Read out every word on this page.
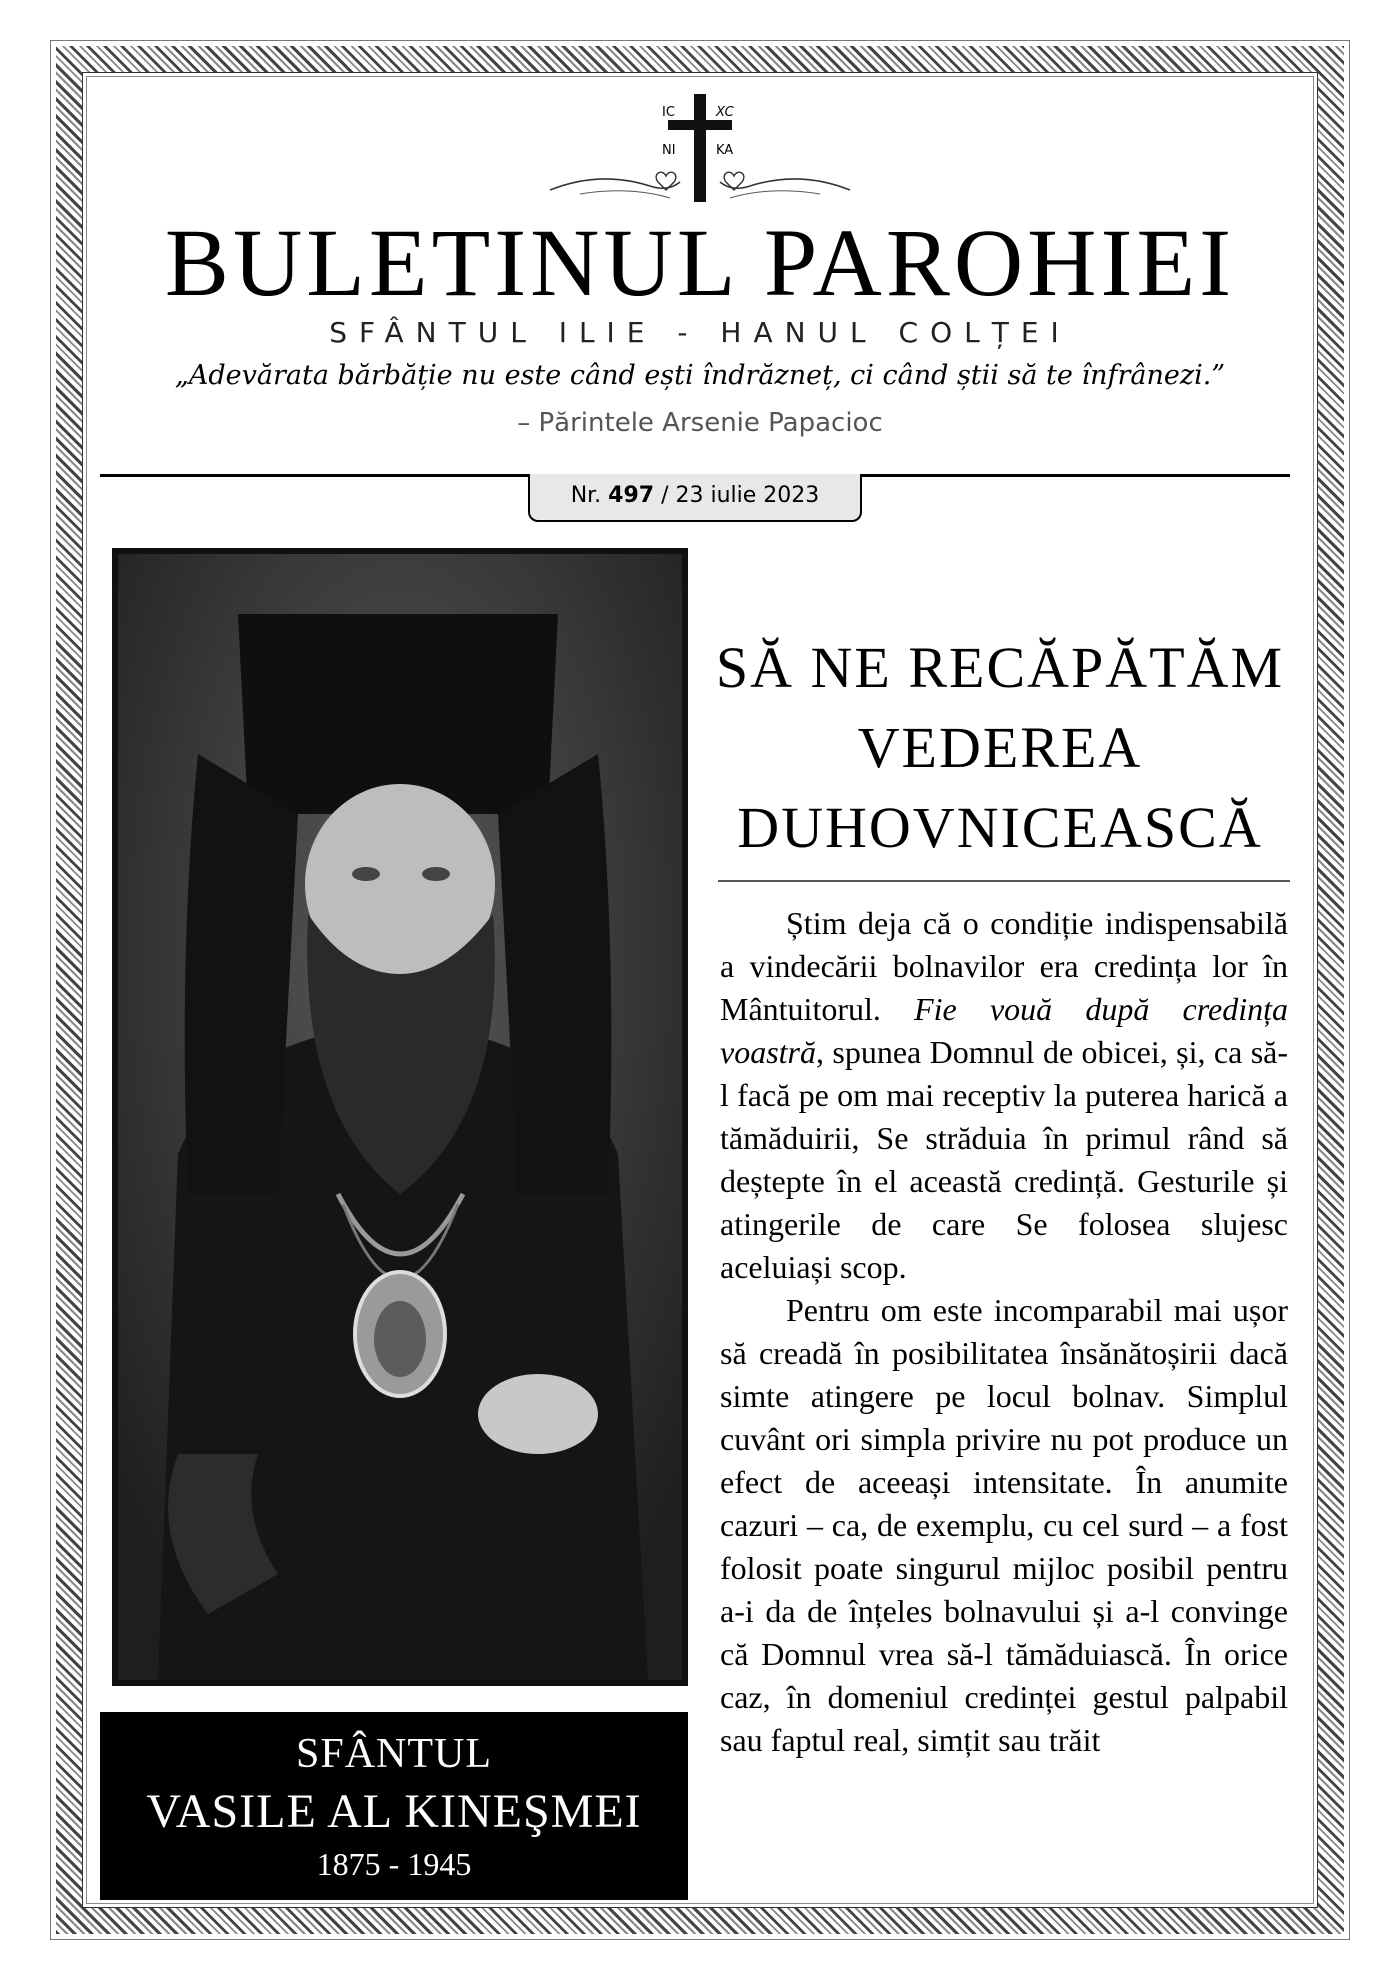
IC	XC
NI	KA
BULETINUL PAROHIEI
SFÂNTUL ILIE - HANUL COLȚEI
„Adevărata bărbăție nu este când ești îndrăzneț, ci când știi să te înfrânezi.”
– Părintele Arsenie Papacioc
Nr. 497 / 23 iulie 2023
SFÂNTUL
VASILE AL KINEŞMEI
1875 - 1945
SĂ NE RECĂPĂTĂM
VEDEREA
DUHOVNICEASCĂ

Știm deja că o condiție indispensabilă a vindecării bolnavilor era credința lor în Mântuitorul. Fie vouă după credința voastră, spunea Domnul de obicei, și, ca să-l facă pe om mai receptiv la puterea harică a tămăduirii, Se străduia în primul rând să deștepte în el această credință. Gesturile și atingerile de care Se folosea slujesc aceluiași scop.

Pentru om este incomparabil mai ușor să creadă în posibilitatea însănătoșirii dacă simte atingere pe locul bolnav. Simplul cuvânt ori simpla privire nu pot produce un efect de aceeași intensitate. În anumite cazuri – ca, de exemplu, cu cel surd – a fost folosit poate singurul mijloc posibil pentru a-i da de înțeles bolnavului și a-l convinge că Domnul vrea să-l tămăduiască. În orice caz, în domeniul credinței gestul palpabil sau faptul real, simțit sau trăit
